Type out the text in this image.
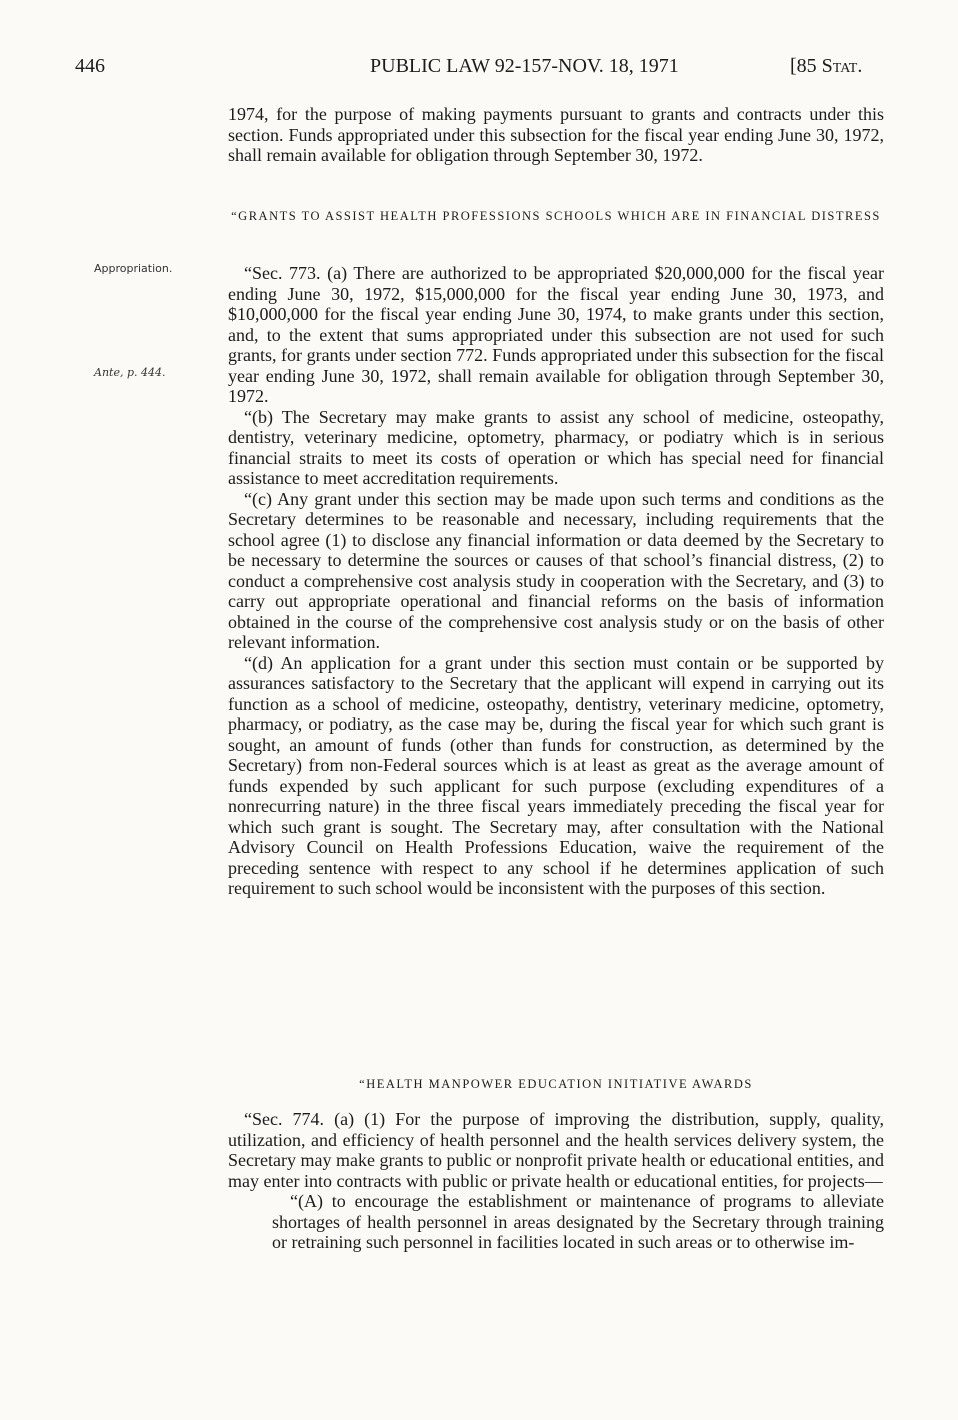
446	PUBLIC LAW 92-157-NOV. 18, 1971	[85 Stat.
Appropriation.
Ante, p. 444.

1974, for the purpose of making payments pursuant to grants and contracts under this section. Funds appropriated under this subsection for the fiscal year ending June 30, 1972, shall remain available for obligation through September 30, 1972.

“GRANTS TO ASSIST HEALTH PROFESSIONS SCHOOLS WHICH ARE IN FINANCIAL DISTRESS

“Sec. 773. (a) There are authorized to be appropriated $20,000,000 for the fiscal year ending June 30, 1972, $15,000,000 for the fiscal year ending June 30, 1973, and $10,000,000 for the fiscal year ending June 30, 1974, to make grants under this section, and, to the extent that sums appropriated under this subsection are not used for such grants, for grants under section 772. Funds appropriated under this subsection for the fiscal year ending June 30, 1972, shall remain available for obligation through September 30, 1972.

“(b) The Secretary may make grants to assist any school of medicine, osteopathy, dentistry, veterinary medicine, optometry, pharmacy, or podiatry which is in serious financial straits to meet its costs of operation or which has special need for financial assistance to meet accreditation requirements.

“(c) Any grant under this section may be made upon such terms and conditions as the Secretary determines to be reasonable and necessary, including requirements that the school agree (1) to disclose any financial information or data deemed by the Secretary to be necessary to determine the sources or causes of that school’s financial distress, (2) to conduct a comprehensive cost analysis study in cooperation with the Secretary, and (3) to carry out appropriate operational and financial reforms on the basis of information obtained in the course of the comprehensive cost analysis study or on the basis of other relevant information.

“(d) An application for a grant under this section must contain or be supported by assurances satisfactory to the Secretary that the applicant will expend in carrying out its function as a school of medicine, osteopathy, dentistry, veterinary medicine, optometry, pharmacy, or podiatry, as the case may be, during the fiscal year for which such grant is sought, an amount of funds (other than funds for construction, as determined by the Secretary) from non-Federal sources which is at least as great as the average amount of funds expended by such applicant for such purpose (excluding expenditures of a nonrecurring nature) in the three fiscal years immediately preceding the fiscal year for which such grant is sought. The Secretary may, after consultation with the National Advisory Council on Health Professions Education, waive the requirement of the preceding sentence with respect to any school if he determines application of such requirement to such school would be inconsistent with the purposes of this section.

“HEALTH MANPOWER EDUCATION INITIATIVE AWARDS

“Sec. 774. (a) (1) For the purpose of improving the distribution, supply, quality, utilization, and efficiency of health personnel and the health services delivery system, the Secretary may make grants to public or nonprofit private health or educational entities, and may enter into contracts with public or private health or educational entities, for projects—

“(A) to encourage the establishment or maintenance of programs to alleviate shortages of health personnel in areas designated by the Secretary through training or retraining such personnel in facilities located in such areas or to otherwise im-
